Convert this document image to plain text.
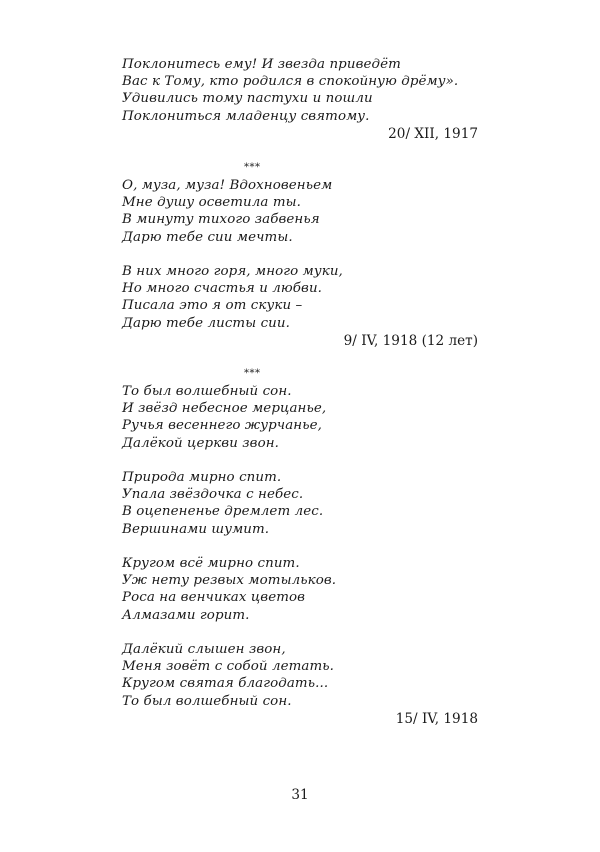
Поклонитесь ему! И звезда приведёт
Вас к Тому, кто родился в спокойную дрёму».
Удивились тому пастухи и пошли
Поклониться младенцу святому.
20/ XII, 1917
***
О, муза, муза! Вдохновеньем
Мне душу осветила ты.
В минуту тихого забвенья
Дарю тебе сии мечты.
В них много горя, много муки,
Но много счастья и любви.
Писала это я от скуки –
Дарю тебе листы сии.
9/ IV, 1918 (12 лет)
***
То был волшебный сон.
И звёзд небесное мерцанье,
Ручья весеннего журчанье,
Далёкой церкви звон.
Природа мирно спит.
Упала звёздочка с небес.
В оцепененье дремлет лес.
Вершинами шумит.
Кругом всё мирно спит.
Уж нету резвых мотыльков.
Роса на венчиках цветов
Алмазами горит.
Далёкий слышен звон,
Меня зовёт с собой летать.
Кругом святая благодать...
То был волшебный сон.
15/ IV, 1918
31
